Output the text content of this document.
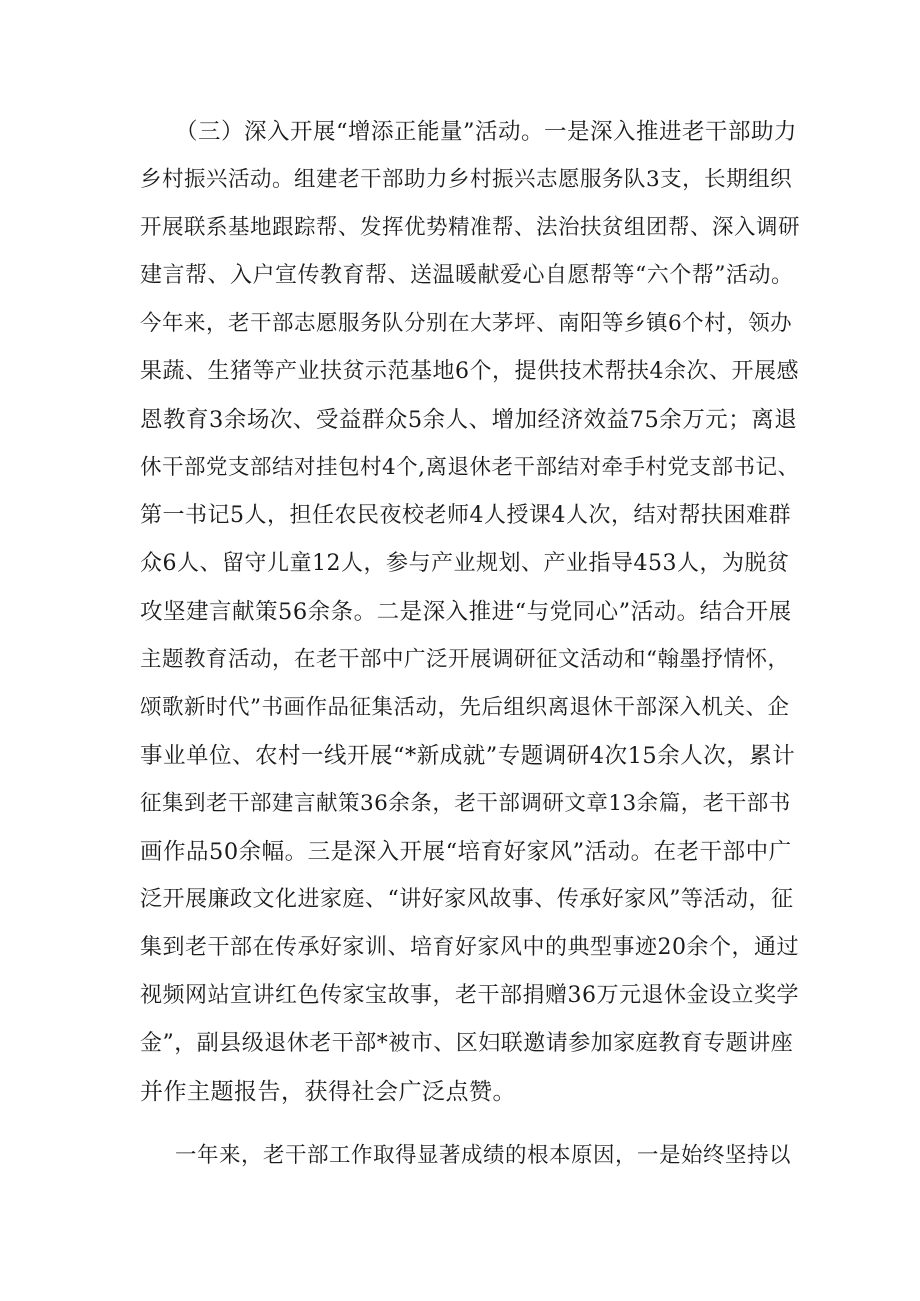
（三）深入开展“增添正能量”活动。一是深入推进老干部助力

乡村振兴活动。组建老干部助力乡村振兴志愿服务队3支，长期组织

开展联系基地跟踪帮、发挥优势精准帮、法治扶贫组团帮、深入调研

建言帮、入户宣传教育帮、送温暖献爱心自愿帮等“六个帮”活动。

今年来，老干部志愿服务队分别在大茅坪、南阳等乡镇6个村，领办

果蔬、生猪等产业扶贫示范基地6个，提供技术帮扶4余次、开展感

恩教育3余场次、受益群众5余人、增加经济效益75余万元；离退

休干部党支部结对挂包村4个,离退休老干部结对牵手村党支部书记、

第一书记5人，担任农民夜校老师4人授课4人次，结对帮扶困难群

众6人、留守儿童12人，参与产业规划、产业指导453人，为脱贫

攻坚建言献策56余条。二是深入推进“与党同心”活动。结合开展

主题教育活动，在老干部中广泛开展调研征文活动和“翰墨抒情怀，

颂歌新时代”书画作品征集活动，先后组织离退休干部深入机关、企

事业单位、农村一线开展“*新成就”专题调研4次15余人次，累计

征集到老干部建言献策36余条，老干部调研文章13余篇，老干部书

画作品50余幅。三是深入开展“培育好家风”活动。在老干部中广

泛开展廉政文化进家庭、“讲好家风故事、传承好家风”等活动，征

集到老干部在传承好家训、培育好家风中的典型事迹20余个，通过

视频网站宣讲红色传家宝故事，老干部捐赠36万元退休金设立奖学

金”，副县级退休老干部*被市、区妇联邀请参加家庭教育专题讲座

并作主题报告，获得社会广泛点赞。

一年来，老干部工作取得显著成绩的根本原因，一是始终坚持以
